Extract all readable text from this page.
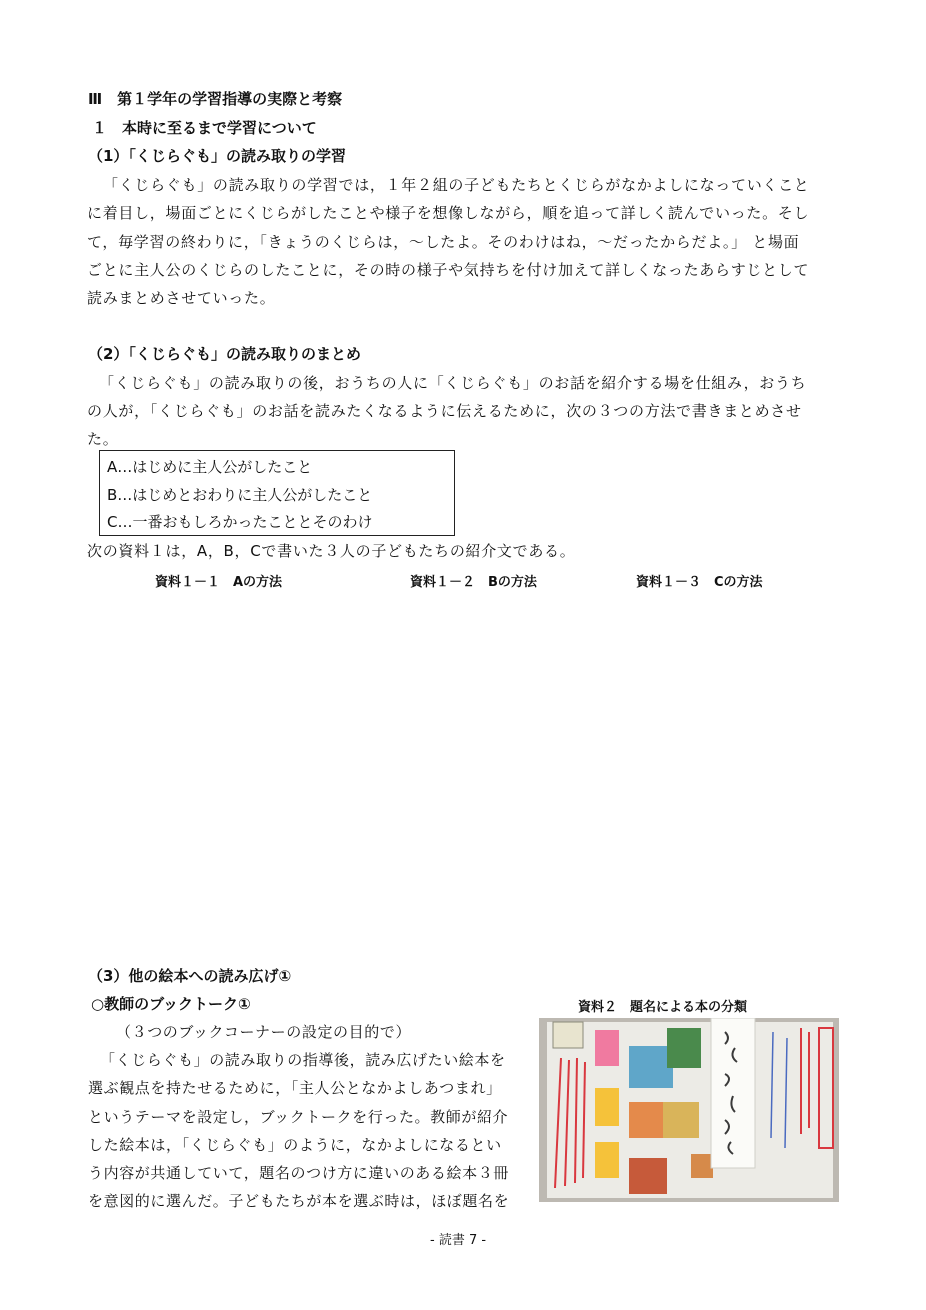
Ⅲ　第１学年の学習指導の実際と考察
１　本時に至るまで学習について
（1）「くじらぐも」の読み取りの学習
「くじらぐも」の読み取りの学習では，１年２組の子どもたちとくじらがなかよしになっていくこと
に着目し，場面ごとにくじらがしたことや様子を想像しながら，順を追って詳しく読んでいった。そし
て，毎学習の終わりに，「きょうのくじらは，～したよ。そのわけはね，～だったからだよ。」 と場面
ごとに主人公のくじらのしたことに，その時の様子や気持ちを付け加えて詳しくなったあらすじとして
読みまとめさせていった。
（2）「くじらぐも」の読み取りのまとめ
「くじらぐも」の読み取りの後，おうちの人に「くじらぐも」のお話を紹介する場を仕組み，おうち
の人が，「くじらぐも」のお話を読みたくなるように伝えるために，次の３つの方法で書きまとめさせ
た。
A…はじめに主人公がしたこと
B…はじめとおわりに主人公がしたこと
C…一番おもしろかったこととそのわけ
次の資料１は，A，B，Cで書いた３人の子どもたちの紹介文である。
資料１－１　Aの方法	資料１－２　Bの方法	資料１－３　Cの方法
（3）他の絵本への読み広げ①
○教師のブックトーク①	資料２　題名による本の分類
（３つのブックコーナーの設定の目的で）
「くじらぐも」の読み取りの指導後，読み広げたい絵本を
選ぶ観点を持たせるために，「主人公となかよしあつまれ」
というテーマを設定し，ブックトークを行った。教師が紹介
した絵本は，「くじらぐも」のように，なかよしになるとい
う内容が共通していて，題名のつけ方に違いのある絵本３冊
を意図的に選んだ。子どもたちが本を選ぶ時は，ほぼ題名を
- 読書 7 -
